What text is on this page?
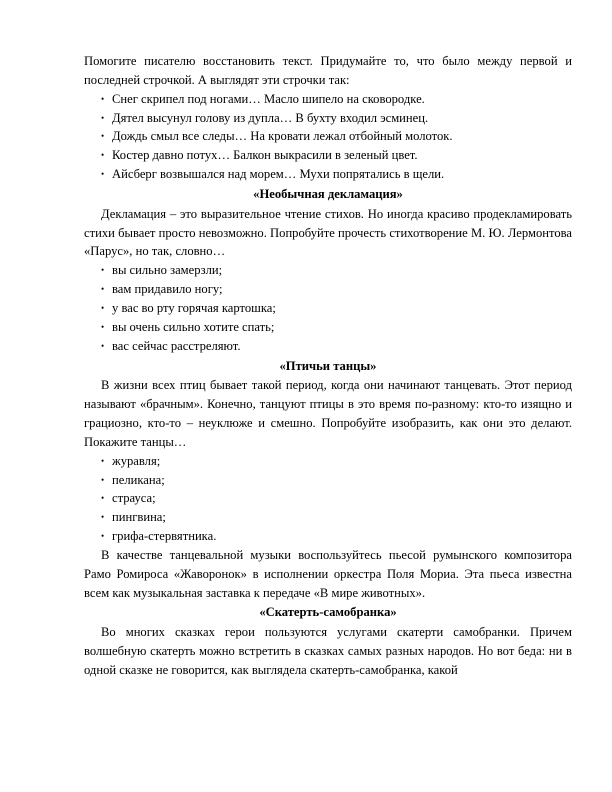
Помогите писателю восстановить текст. Придумайте то, что было между первой и последней строчкой. А выглядят эти строчки так:

• Снег скрипел под ногами… Масло шипело на сковородке.
• Дятел высунул голову из дупла… В бухту входил эсминец.
• Дождь смыл все следы… На кровати лежал отбойный молоток.
• Костер давно потух… Балкон выкрасили в зеленый цвет.
• Айсберг возвышался над морем… Мухи попрятались в щели.

«Необычная декламация»

Декламация – это выразительное чтение стихов. Но иногда красиво продекламировать стихи бывает просто невозможно. Попробуйте прочесть стихотворение М. Ю. Лермонтова «Парус», но так, словно…

• вы сильно замерзли;
• вам придавило ногу;
• у вас во рту горячая картошка;
• вы очень сильно хотите спать;
• вас сейчас расстреляют.

«Птичьи танцы»

В жизни всех птиц бывает такой период, когда они начинают танцевать. Этот период называют «брачным». Конечно, танцуют птицы в это время по-разному: кто-то изящно и грациозно, кто-то – неуклюже и смешно. Попробуйте изобразить, как они это делают. Покажите танцы…

• журавля;
• пеликана;
• страуса;
• пингвина;
• грифа-стервятника.

В качестве танцевальной музыки воспользуйтесь пьесой румынского композитора Рамо Ромироса «Жаворонок» в исполнении оркестра Поля Мориа. Эта пьеса известна всем как музыкальная заставка к передаче «В мире животных».

«Скатерть-самобранка»

Во многих сказках герои пользуются услугами скатерти самобранки. Причем волшебную скатерть можно встретить в сказках самых разных народов. Но вот беда: ни в одной сказке не говорится, как выглядела скатерть-самобранка, какой
